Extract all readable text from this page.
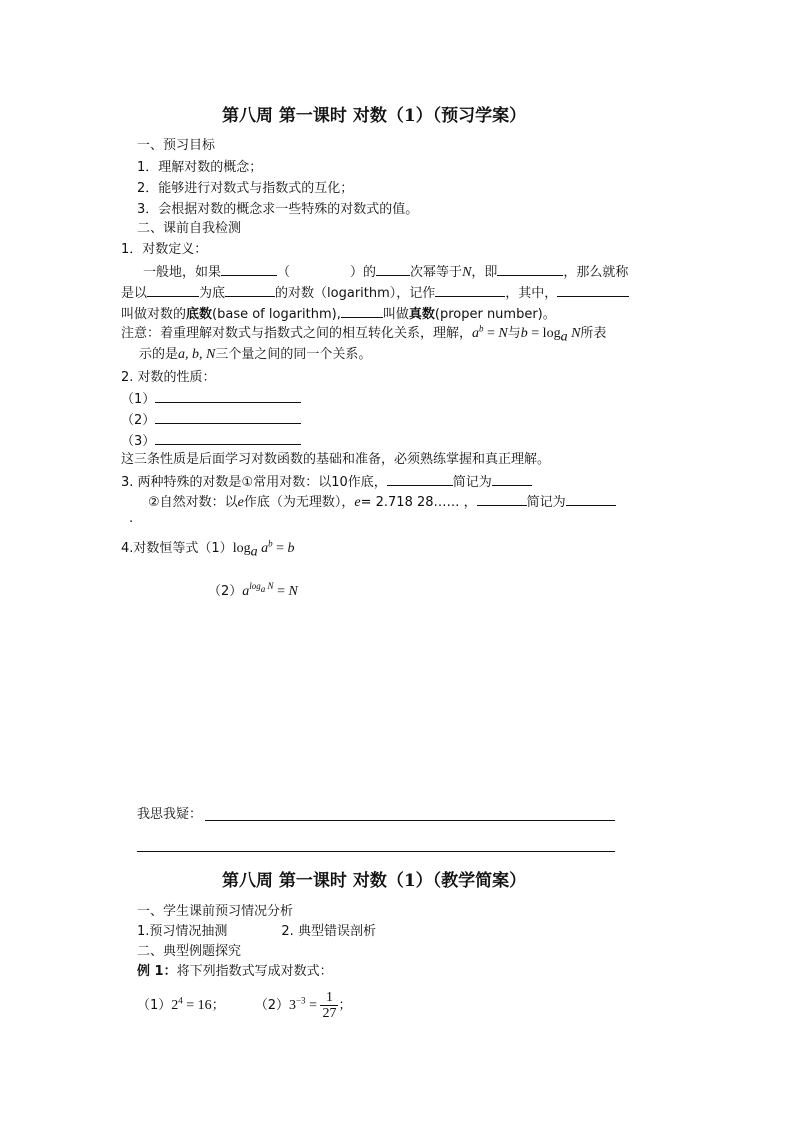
第八周 第一课时 对数（1）（预习学案）
一、预习目标
1．理解对数的概念；
2．能够进行对数式与指数式的互化；
3．会根据对数的概念求一些特殊的对数式的值。
二、课前自我检测
1．对数定义：
一般地，如果	（	）的	次幂等于N，即	，那么就称
是以	为底	的对数（logarithm），记作	，其中，
叫做对数的底数(base of logarithm),	叫做真数(proper number)。
注意：着重理解对数式与指数式之间的相互转化关系，理解，$a^b = N$与$b = \log_a N$所表
示的是a, b, N三个量之间的同一个关系。
2. 对数的性质：
（1）
（2）
（3）
这三条性质是后面学习对数函数的基础和准备，必须熟练掌握和真正理解。
3. 两种特殊的对数是①常用对数：以10作底，	简记为
②自然对数：以e作底（为无理数），e= 2.718 28…… ，	简记为
.
4.对数恒等式$(1)\log_a$ $a^b = b$
$(2)a^{log_a N} = N$
我思我疑：
第八周 第一课时 对数（1）（教学简案）
一、学生课前预习情况分析
1.预习情况抽测	2. 典型错误剖析
二、典型例题探究
例 1：将下列指数式写成对数式：
$(1)2^4 = 16$； $(2)3^{-3} = \frac{1}{27}$ ；
